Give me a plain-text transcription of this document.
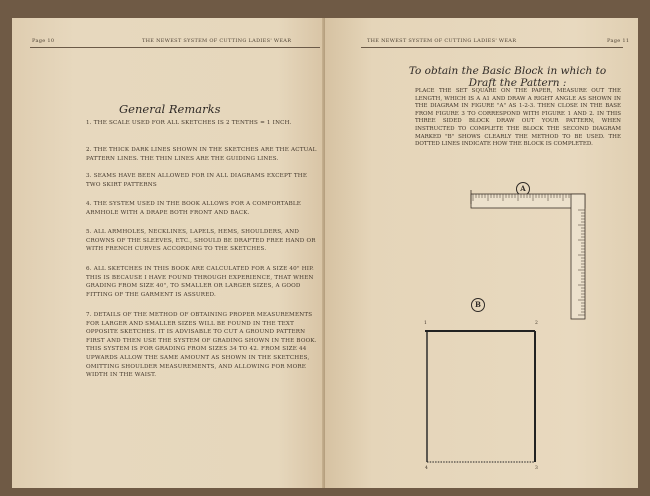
Page 10	THE NEWEST SYSTEM OF CUTTING LADIES' WEAR
General Remarks

1. THE SCALE USED FOR ALL SKETCHES IS 2 TENTHS = 1 INCH.

2. THE THICK DARK LINES SHOWN IN THE SKETCHES ARE THE ACTUAL PATTERN LINES. THE THIN LINES ARE THE GUIDING LINES.

3. SEAMS HAVE BEEN ALLOWED FOR IN ALL DIAGRAMS EXCEPT THE TWO SKIRT PATTERNS

4. THE SYSTEM USED IN THE BOOK ALLOWS FOR A COMFORTABLE ARMHOLE WITH A DRAPE BOTH FRONT AND BACK.

5. ALL ARMHOLES, NECKLINES, LAPELS, HEMS, SHOULDERS, AND CROWNS OF THE SLEEVES, ETC., SHOULD BE DRAFTED FREE HAND OR WITH FRENCH CURVES ACCORDING TO THE SKETCHES.

6. ALL SKETCHES IN THIS BOOK ARE CALCULATED FOR A SIZE 40" HIP. THIS IS BECAUSE I HAVE FOUND THROUGH EXPERIENCE, THAT WHEN GRADING FROM SIZE 40", TO SMALLER OR LARGER SIZES, A GOOD FITTING OF THE GARMENT IS ASSURED.

7. DETAILS OF THE METHOD OF OBTAINING PROPER MEASUREMENTS FOR LARGER AND SMALLER SIZES WILL BE FOUND IN THE TEXT OPPOSITE SKETCHES. IT IS ADVISABLE TO CUT A GROUND PATTERN FIRST AND THEN USE THE SYSTEM OF GRADING SHOWN IN THE BOOK. THIS SYSTEM IS FOR GRADING FROM SIZES 34 TO 42. FROM SIZE 44 UPWARDS ALLOW THE SAME AMOUNT AS SHOWN IN THE SKETCHES, OMITTING SHOULDER MEASUREMENTS, AND ALLOWING FOR MORE WIDTH IN THE WAIST.

THE NEWEST SYSTEM OF CUTTING LADIES' WEAR	Page 11
To obtain the Basic Block in which to
Draft the Pattern :
PLACE THE SET SQUARE ON THE PAPER, MEASURE OUT THE LENGTH, WHICH IS A A1 AND DRAW A RIGHT ANGLE AS SHOWN IN THE DIAGRAM IN FIGURE "A" AS 1-2-3. THEN CLOSE IN THE BASE FROM FIGURE 3 TO CORRESPOND WITH FIGURE 1 AND 2. IN THIS THREE SIDED BLOCK DRAW OUT YOUR PATTERN, WHEN INSTRUCTED TO COMPLETE THE BLOCK THE SECOND DIAGRAM MARKED "B" SHOWS CLEARLY THE METHOD TO BE USED. THE DOTTED LINES INDICATE HOW THE BLOCK IS COMPLETED.
A
B
1	2
3
4
